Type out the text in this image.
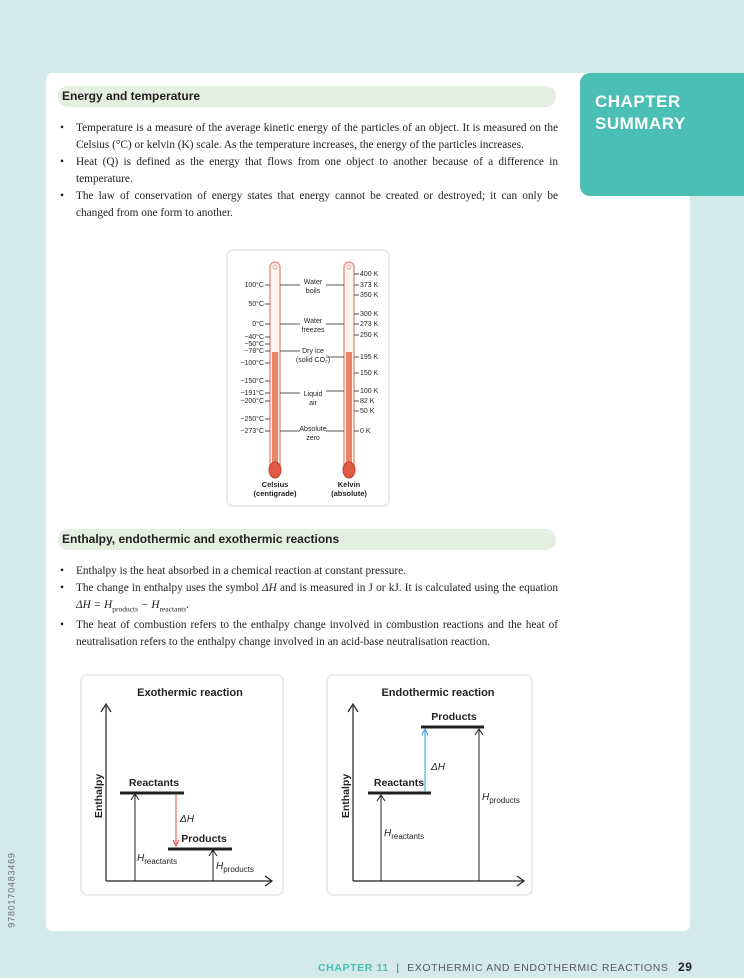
CHAPTER SUMMARY
Energy and temperature
• Temperature is a measure of the average kinetic energy of the particles of an object. It is measured on the Celsius (°C) or kelvin (K) scale. As the temperature increases, the energy of the particles increases.
• Heat (Q) is defined as the energy that flows from one object to another because of a difference in temperature.
• The law of conservation of energy states that energy cannot be created or destroyed; it can only be changed from one form to another.
100°C
50°C
0°C
−40°C
−50°C
−78°C
−100°C
−150°C
−191°C
−200°C
−250°C
−273°C
400 K
373 K
350 K
300 K
273 K
250 K
195 K
150 K
100 K
82 K
50 K
0 K
Water
boils
Water
freezes
Dry ice
(solid CO₂)
Liquid
air
Absolute
zero
Celsius
(centigrade)
Kelvin
(absolute)
Enthalpy, endothermic and exothermic reactions
• Enthalpy is the heat absorbed in a chemical reaction at constant pressure.
• The change in enthalpy uses the symbol ΔH and is measured in J or kJ. It is calculated using the equation $\Delta H = H_{products} - H_{reactants}$.
• The heat of combustion refers to the enthalpy change involved in combustion reactions and the heat of neutralisation refers to the enthalpy change involved in an acid-base neutralisation reaction.
Exothermic reaction
Enthalpy Reactants
Products
ΔH
$H_{reactants}$	$H_{products}$
Endothermic reaction
Enthalpy Reactants
Products
ΔH
$H_{reactants}$
$H_{products}$
CHAPTER 11 | EXOTHERMIC AND ENDOTHERMIC REACTIONS 29
9780170483469
